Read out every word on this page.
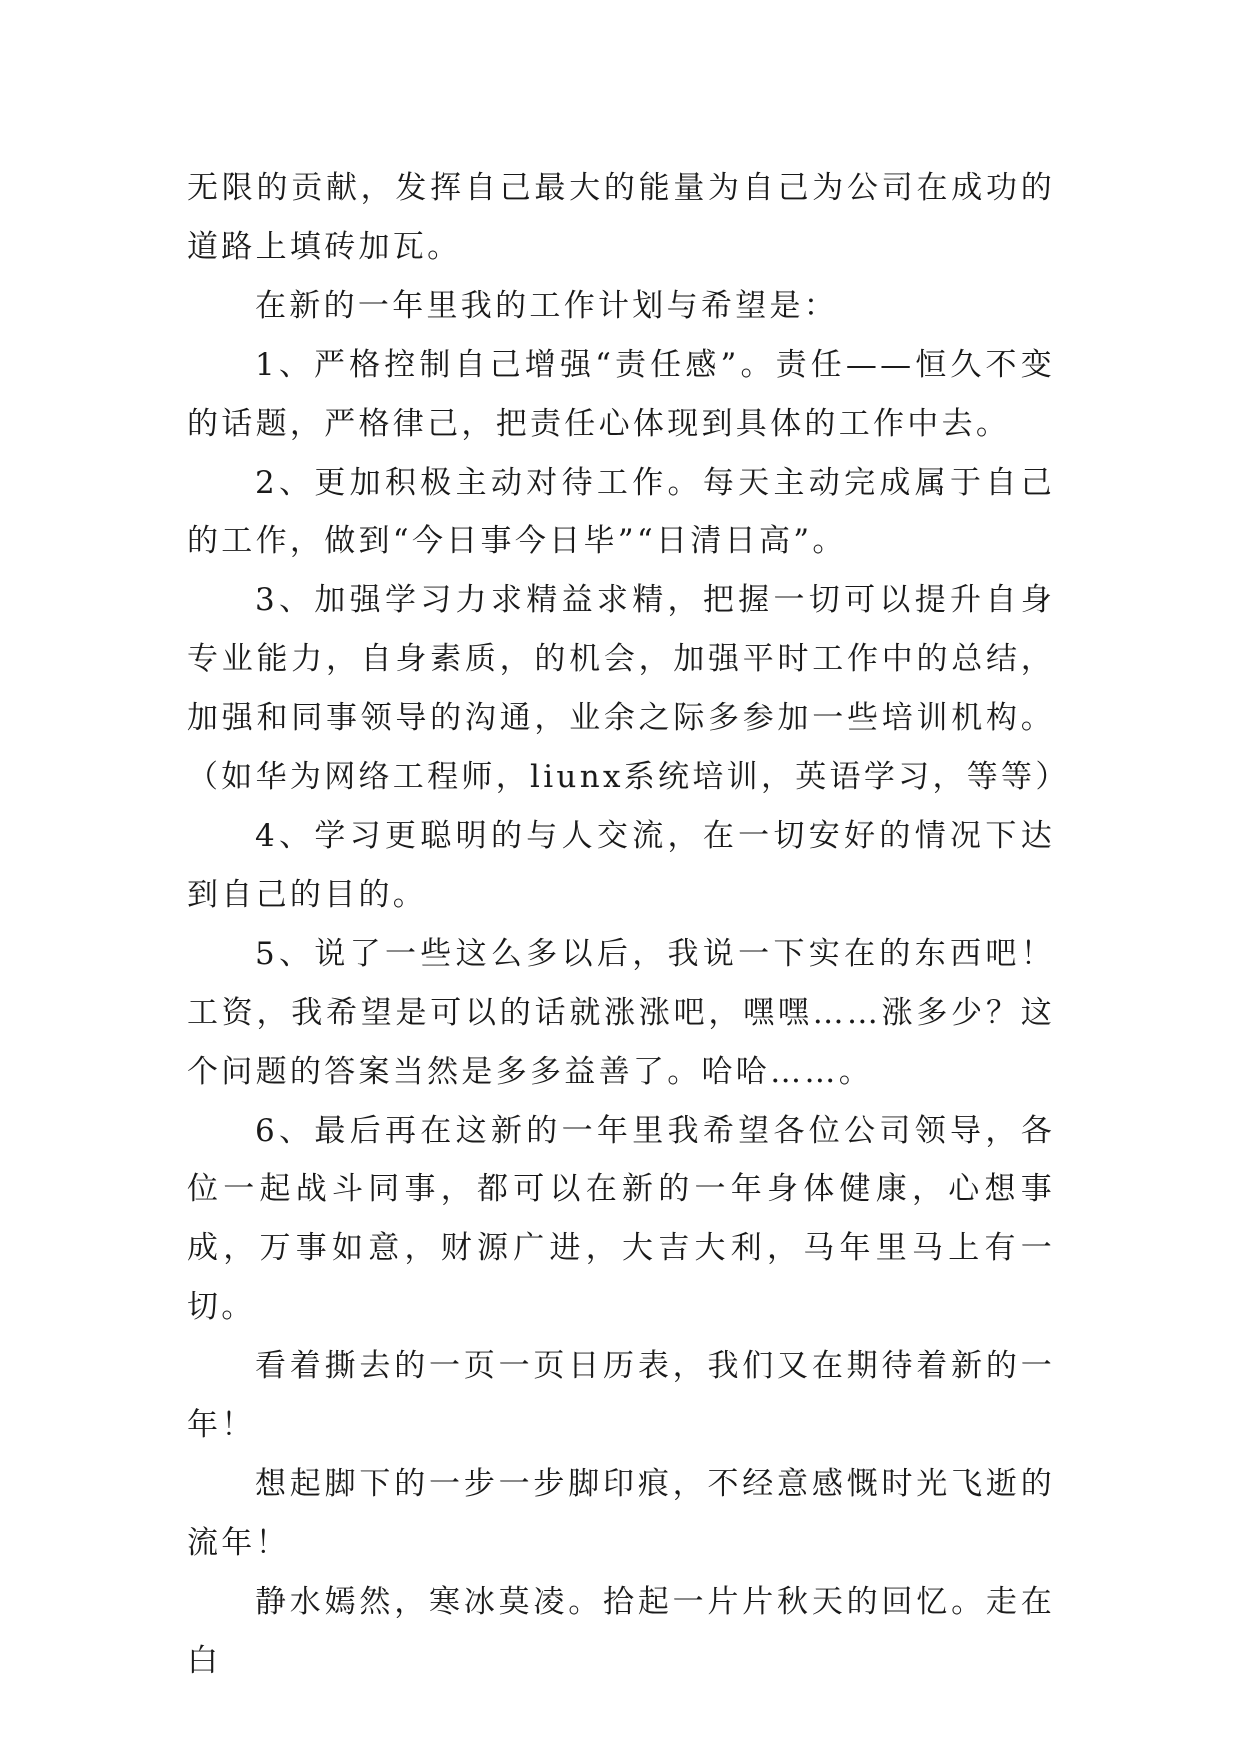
无限的贡献，发挥自己最大的能量为自己为公司在成功的道路上填砖加瓦。

在新的一年里我的工作计划与希望是：

1、严格控制自己增强“责任感”。责任——恒久不变的话题，严格律己，把责任心体现到具体的工作中去。

2、更加积极主动对待工作。每天主动完成属于自己的工作，做到“今日事今日毕”“日清日高”。

3、加强学习力求精益求精，把握一切可以提升自身专业能力，自身素质，的机会，加强平时工作中的总结，加强和同事领导的沟通，业余之际多参加一些培训机构。（如华为网络工程师，liunx系统培训，英语学习，等等）

4、学习更聪明的与人交流，在一切安好的情况下达到自己的目的。

5、说了一些这么多以后，我说一下实在的东西吧！工资，我希望是可以的话就涨涨吧，嘿嘿……涨多少？这个问题的答案当然是多多益善了。哈哈……。

6、最后再在这新的一年里我希望各位公司领导，各位一起战斗同事，都可以在新的一年身体健康，心想事成，万事如意，财源广进，大吉大利，马年里马上有一切。

看着撕去的一页一页日历表，我们又在期待着新的一年！

想起脚下的一步一步脚印痕，不经意感慨时光飞逝的流年！

静水嫣然，寒冰莫凌。拾起一片片秋天的回忆。走在白
